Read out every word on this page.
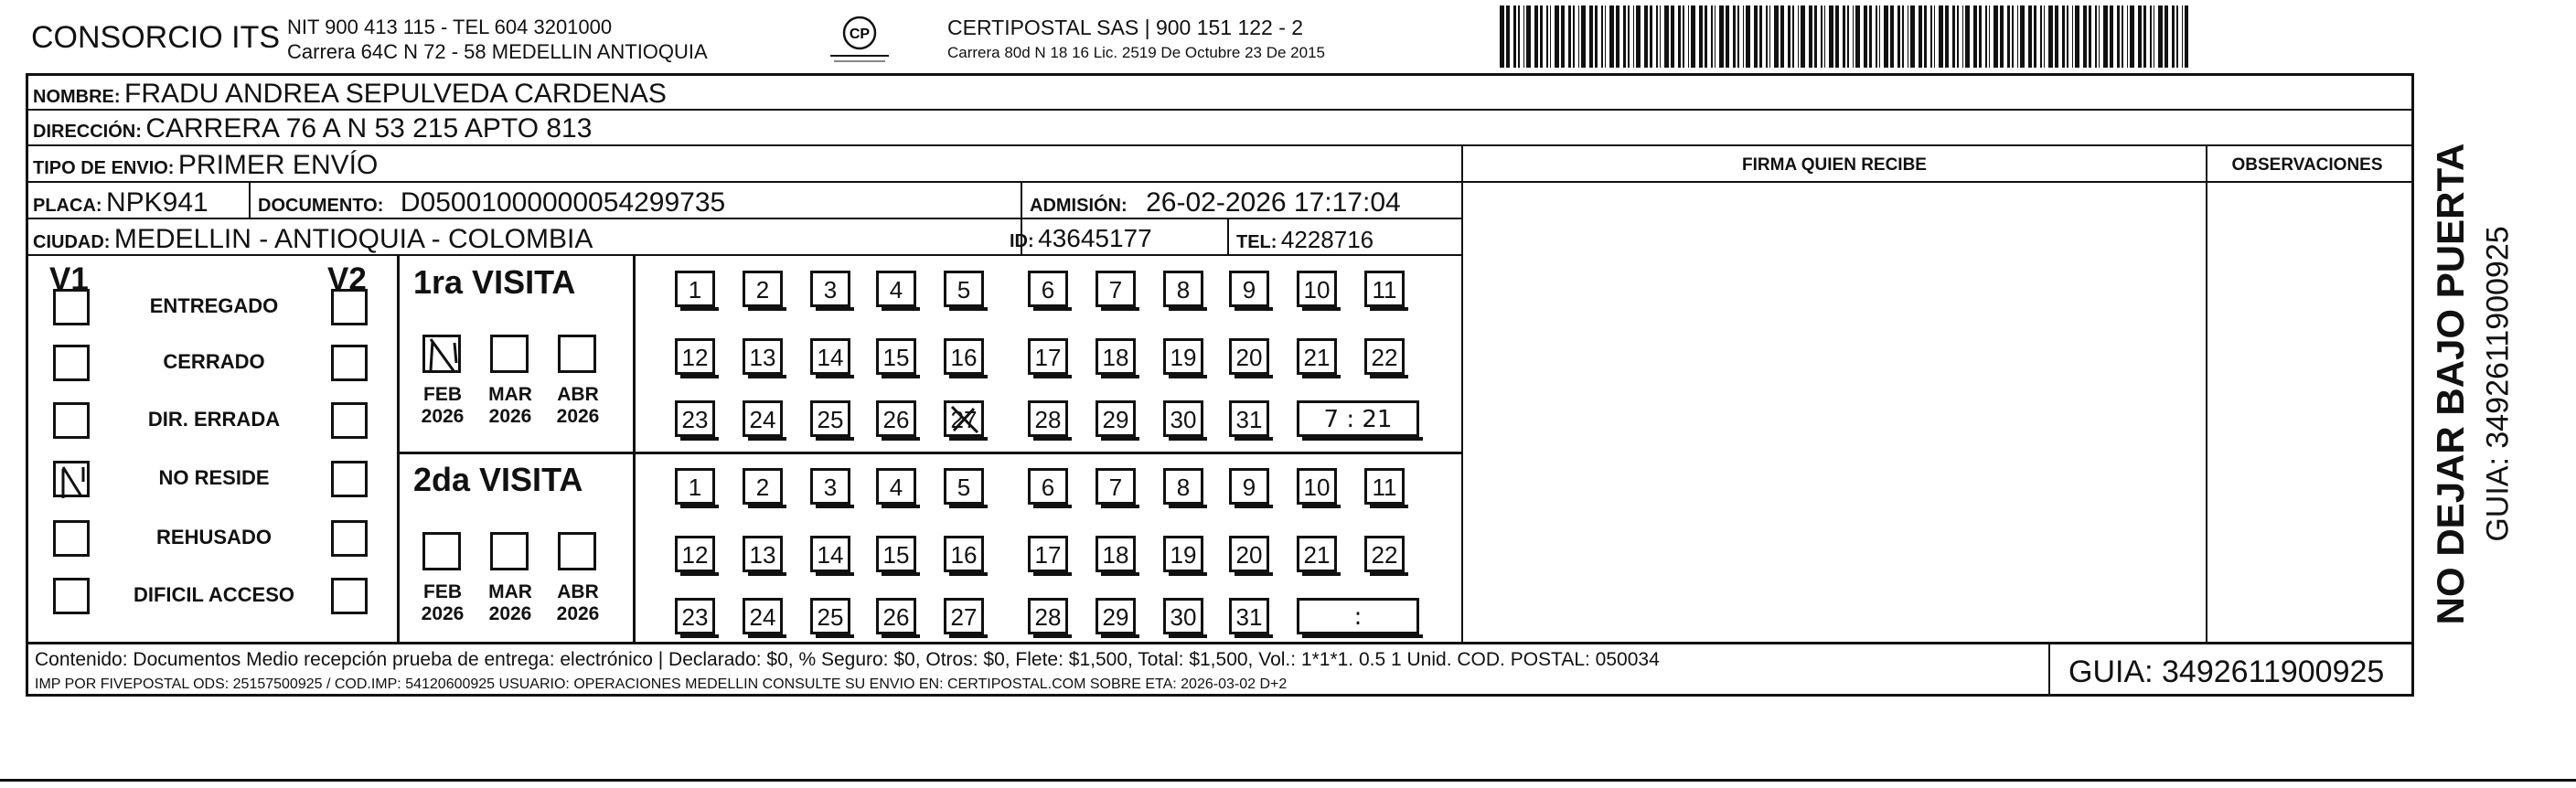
CONSORCIO ITS NIT 900 413 115 - TEL 604 3201000
Carrera 64C N 72 - 58 MEDELLIN ANTIOQUIA
CP	CERTIPOSTAL SAS | 900 151 122 - 2
Carrera 80d N 18 16 Lic. 2519 De Octubre 23 De 2015
NOMBRE: FRADU ANDREA SEPULVEDA CARDENAS
DIRECCIÓN: CARRERA 76 A N 53 215 APTO 813
TIPO DE ENVIO: PRIMER ENVÍO
PLACA: NPK941	DOCUMENTO: D05001000000054299735	ADMISIÓN: 26-02-2026 17:17:04
CIUDAD: MEDELLIN - ANTIOQUIA - COLOMBIA	ID: 43645177	TEL: 4228716
FIRMA QUIEN RECIBE	OBSERVACIONES
V1	V2
ENTREGADO
CERRADO
DIR. ERRADA
NO RESIDE
REHUSADO
DIFICIL ACCESO
1ra VISITA
FEB
2026
MAR
2026
ABR
2026
1	2	3	4	5	6	7	8	9	10	11
12 13 14 15 16 17 18 19 20 21 22
23 24 25 26 27 28 29 30 31	7 : 21
2da VISITA
FEB
2026
MAR
2026
ABR
2026
1	2	3	4	5	6	7	8	9	10	11
12 13 14 15 16 17 18 19 20 21 22
23 24 25 26 27 28 29 30 31	:
Contenido: Documentos Medio recepción prueba de entrega: electrónico | Declarado: $0, % Seguro: $0, Otros: $0, Flete: $1,500, Total: $1,500, Vol.: 1*1*1. 0.5 1 Unid. COD. POSTAL: 050034
IMP POR FIVEPOSTAL ODS: 25157500925 / COD.IMP: 54120600925 USUARIO: OPERACIONES MEDELLIN CONSULTE SU ENVIO EN: CERTIPOSTAL.COM SOBRE ETA: 2026-03-02 D+2	GUIA: 3492611900925
NO DEJAR BAJO PUERTA GUIA: 3492611900925
